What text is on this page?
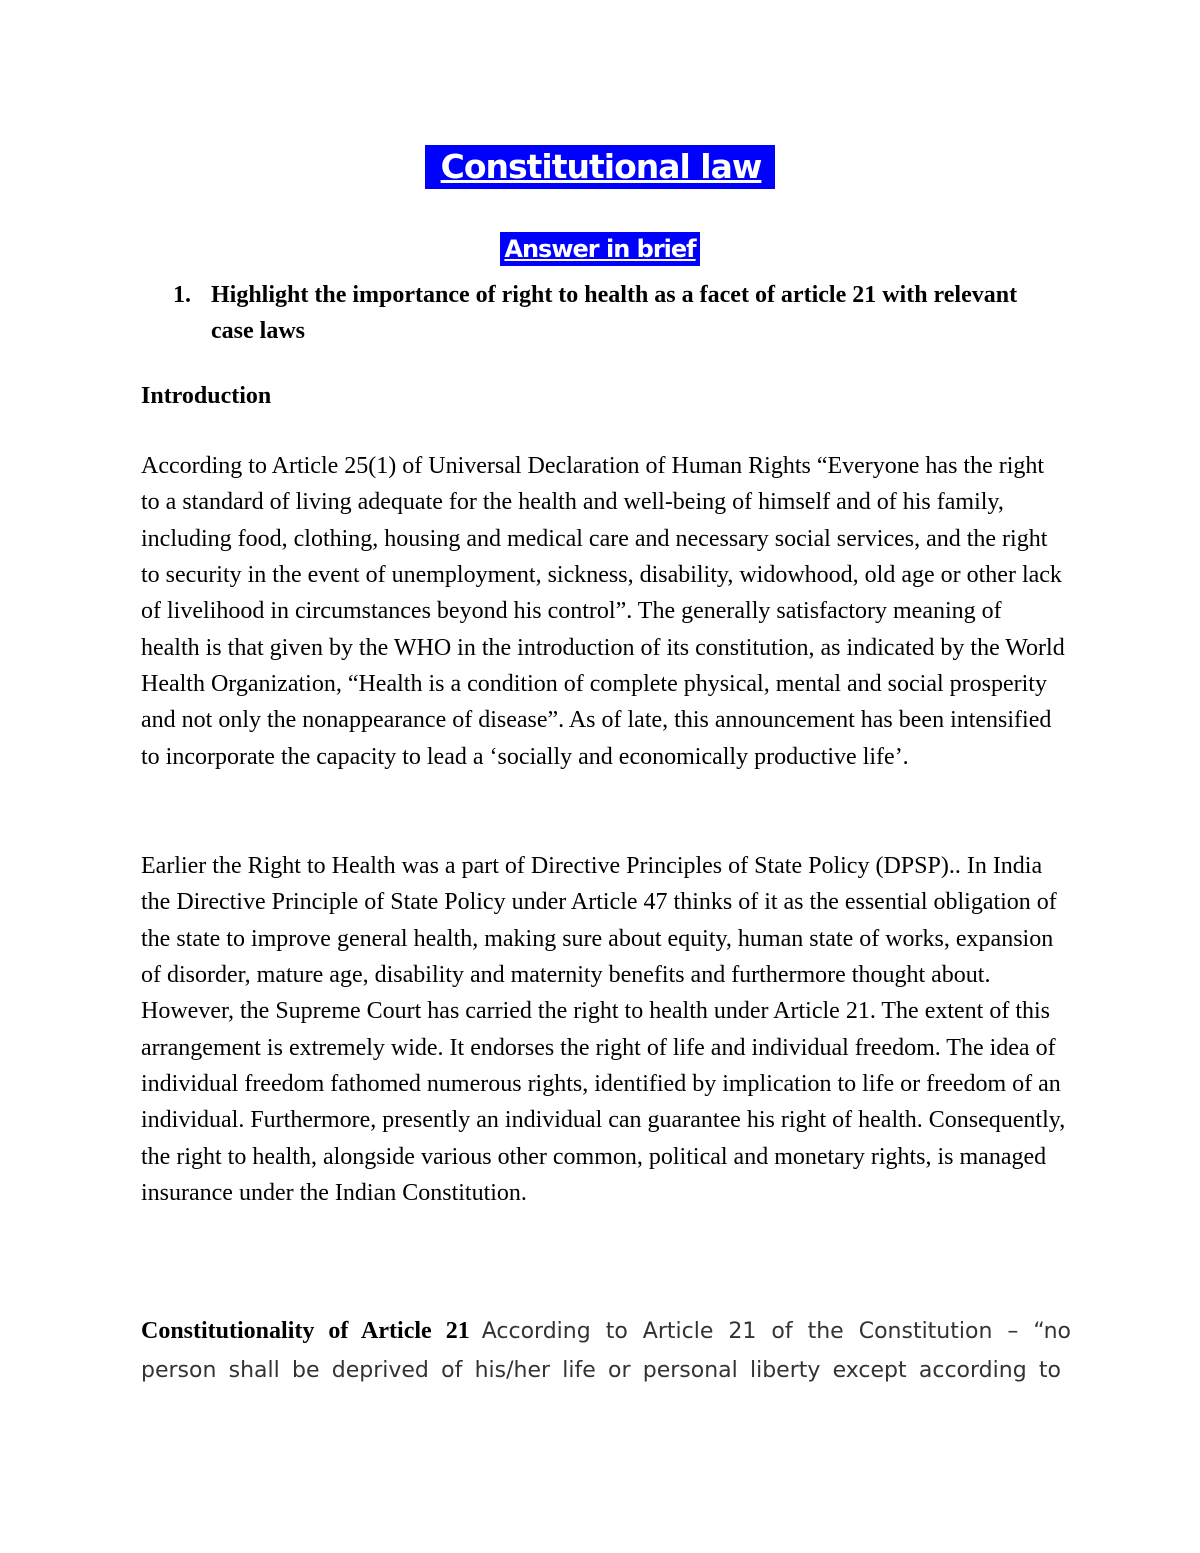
Constitutional law
Answer in brief
1. Highlight the importance of right to health as a facet of article 21 with relevant case laws
Introduction
According to Article 25(1) of Universal Declaration of Human Rights “Everyone has the right to a standard of living adequate for the health and well-being of himself and of his family, including food, clothing, housing and medical care and necessary social services, and the right to security in the event of unemployment, sickness, disability, widowhood, old age or other lack of livelihood in circumstances beyond his control”. The generally satisfactory meaning of health is that given by the WHO in the introduction of its constitution, as indicated by the World Health Organization, “Health is a condition of complete physical, mental and social prosperity and not only the nonappearance of disease”. As of late, this announcement has been intensified to incorporate the capacity to lead a ‘socially and economically productive life’.
Earlier the Right to Health was a part of Directive Principles of State Policy (DPSP).. In India the Directive Principle of State Policy under Article 47 thinks of it as the essential obligation of the state to improve general health, making sure about equity, human state of works, expansion of disorder, mature age, disability and maternity benefits and furthermore thought about. However, the Supreme Court has carried the right to health under Article 21. The extent of this arrangement is extremely wide. It endorses the right of life and individual freedom. The idea of individual freedom fathomed numerous rights, identified by implication to life or freedom of an individual. Furthermore, presently an individual can guarantee his right of health. Consequently, the right to health, alongside various other common, political and monetary rights, is managed insurance under the Indian Constitution.
Constitutionality of Article 21 According to Article 21 of the Constitution – “no
person shall be deprived of his/her life or personal liberty except according to
